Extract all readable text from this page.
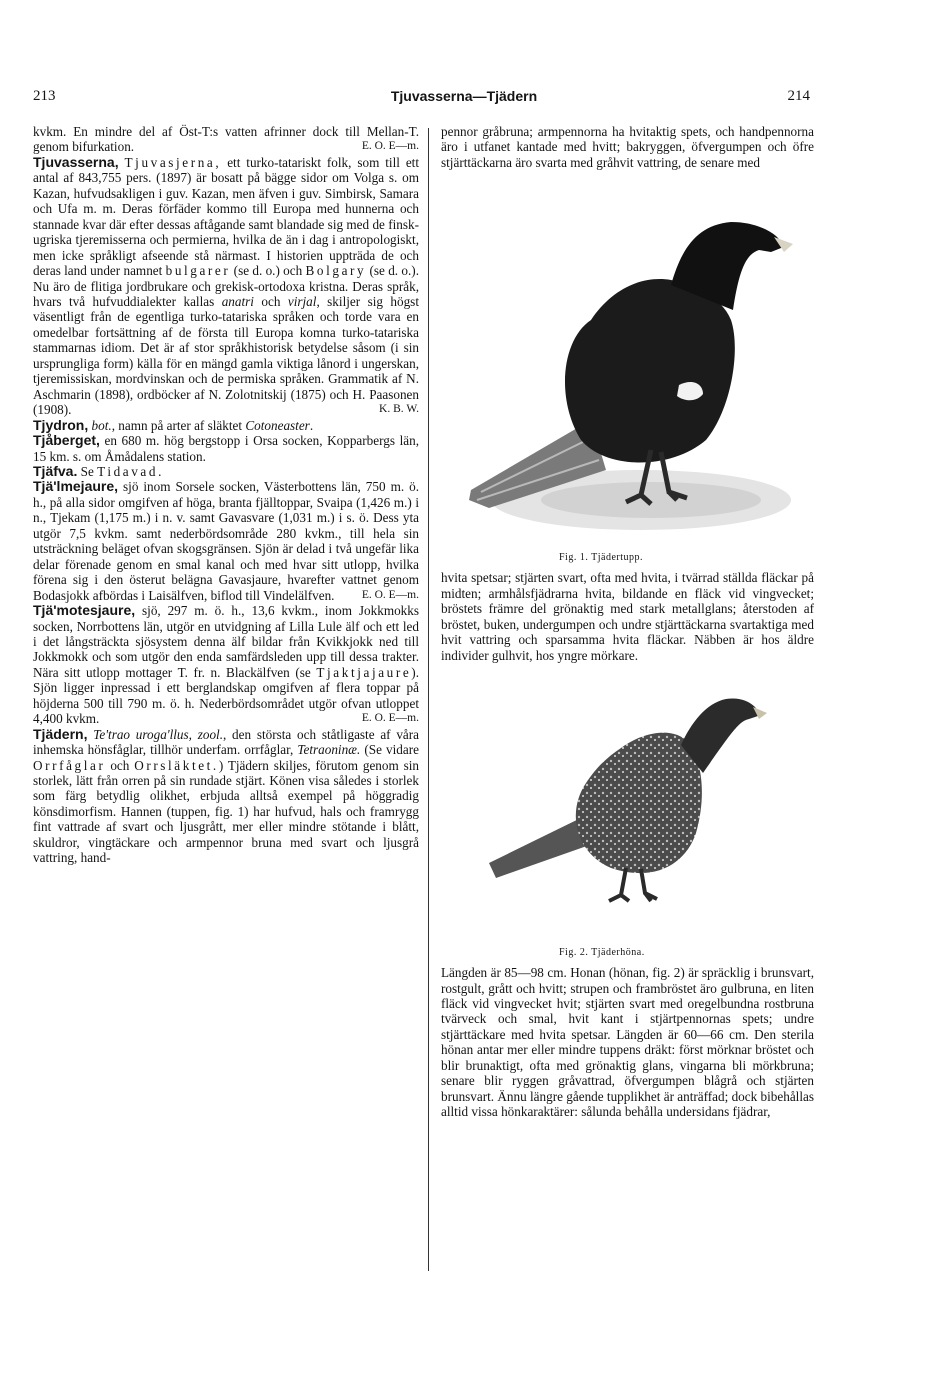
213	Tjuvasserna—Tjädern	214

kvkm. En mindre del af Öst-T:s vatten afrinner dock till Mellan-T. genom bifurkation.	E. O. E—m.

Tjuvasserna, Tjuvasjerna, ett turko-tatariskt folk, som till ett antal af 843,755 pers. (1897) är bosatt på bägge sidor om Volga s. om Kazan, hufvudsakligen i guv. Kazan, men äfven i guv. Simbirsk, Samara och Ufa m. m. Deras förfäder kommo till Europa med hunnerna och stannade kvar där efter dessas aftågande samt blandade sig med de finsk-ugriska tjeremisserna och permierna, hvilka de än i dag i antropologiskt, men icke språkligt afseende stå närmast. I historien uppträda de och deras land under namnet bulgarer (se d. o.) och Bolgary (se d. o.). Nu äro de flitiga jordbrukare och grekisk-ortodoxa kristna. Deras språk, hvars två hufvuddialekter kallas anatri och virjal, skiljer sig högst väsentligt från de egentliga turko-tatariska språken och torde vara en omedelbar fortsättning af de första till Europa komna turko-tatariska stammarnas idiom. Det är af stor språkhistorisk betydelse såsom (i sin ursprungliga form) källa för en mängd gamla viktiga lånord i ungerskan, tjeremissiskan, mordvinskan och de permiska språken. Grammatik af N. Aschmarin (1898), ordböcker af N. Zolotnitskij (1875) och H. Paasonen (1908).	K. B. W.

Tjydron, bot., namn på arter af släktet Cotoneaster.

Tjåberget, en 680 m. hög bergstopp i Orsa socken, Kopparbergs län, 15 km. s. om Åmådalens station.

Tjäfva. Se Tidavad.

Tjä'lmejaure, sjö inom Sorsele socken, Västerbottens län, 750 m. ö. h., på alla sidor omgifven af höga, branta fjälltoppar, Svaipa (1,426 m.) i n., Tjekam (1,175 m.) i n. v. samt Gavasvare (1,031 m.) i s. ö. Dess yta utgör 7,5 kvkm. samt nederbördsområde 280 kvkm., till hela sin utsträckning beläget ofvan skogsgränsen. Sjön är delad i två ungefär lika delar förenade genom en smal kanal och med hvar sitt utlopp, hvilka förena sig i den österut belägna Gavasjaure, hvarefter vattnet genom Bodasjokk afbördas i Laisälfven, biflod till Vindelälfven. E. O. E—m.

Tjä'motesjaure, sjö, 297 m. ö. h., 13,6 kvkm., inom Jokkmokks socken, Norrbottens län, utgör en utvidgning af Lilla Lule älf och ett led i det långsträckta sjösystem denna älf bildar från Kvikkjokk ned till Jokkmokk och som utgör den enda samfärdsleden upp till dessa trakter. Nära sitt utlopp mottager T. fr. n. Blackälfven (se Tjaktjajaure). Sjön ligger inpressad i ett berglandskap omgifven af flera toppar på höjderna 500 till 790 m. ö. h. Nederbördsområdet utgör ofvan utloppet 4,400 kvkm.	E. O. E—m.

Tjädern, Te'trao uroga'llus, zool., den största och ståtligaste af våra inhemska hönsfåglar, tillhör underfam. orrfåglar, Tetraoninæ. (Se vidare Orrfåglar och Orrsläktet.) Tjädern skiljes, förutom genom sin storlek, lätt från orren på sin rundade stjärt. Könen visa således i storlek som färg betydlig olikhet, erbjuda alltså exempel på höggradig könsdimorfism. Hannen (tuppen, fig. 1) har hufvud, hals och framrygg fint vattrade af svart och ljusgrått, mer eller mindre stötande i blått, skuldror, vingtäckare och armpennor bruna med svart och ljusgrå vattring, hand-

pennor gråbruna; armpennorna ha hvitaktig spets, och handpennorna äro i utfanet kantade med hvitt; bakryggen, öfvergumpen och öfre stjärttäckarna äro svarta med gråhvit vattring, de senare med

Fig. 1. Tjädertupp.

hvita spetsar; stjärten svart, ofta med hvita, i tvärrad ställda fläckar på midten; armhålsfjädrarna hvita, bildande en fläck vid vingvecket; bröstets främre del grönaktig med stark metallglans; återstoden af bröstet, buken, undergumpen och undre stjärttäckarna svartaktiga med hvit vattring och sparsamma hvita fläckar. Näbben är hos äldre individer gulhvit, hos yngre mörkare.

Fig. 2. Tjäderhöna.

Längden är 85—98 cm. Honan (hönan, fig. 2) är spräcklig i brunsvart, rostgult, grått och hvitt; strupen och frambröstet äro gulbruna, en liten fläck vid vingvecket hvit; stjärten svart med oregelbundna rostbruna tvärveck och smal, hvit kant i stjärtpennornas spets; undre stjärttäckare med hvita spetsar. Längden är 60—66 cm. Den sterila hönan antar mer eller mindre tuppens dräkt: först mörknar bröstet och blir brunaktigt, ofta med grönaktig glans, vingarna bli mörkbruna; senare blir ryggen gråvattrad, öfvergumpen blågrå och stjärten brunsvart. Ännu längre gående tupplikhet är anträffad; dock bibehållas alltid vissa hönkaraktärer: sålunda behålla undersidans fjädrar,
